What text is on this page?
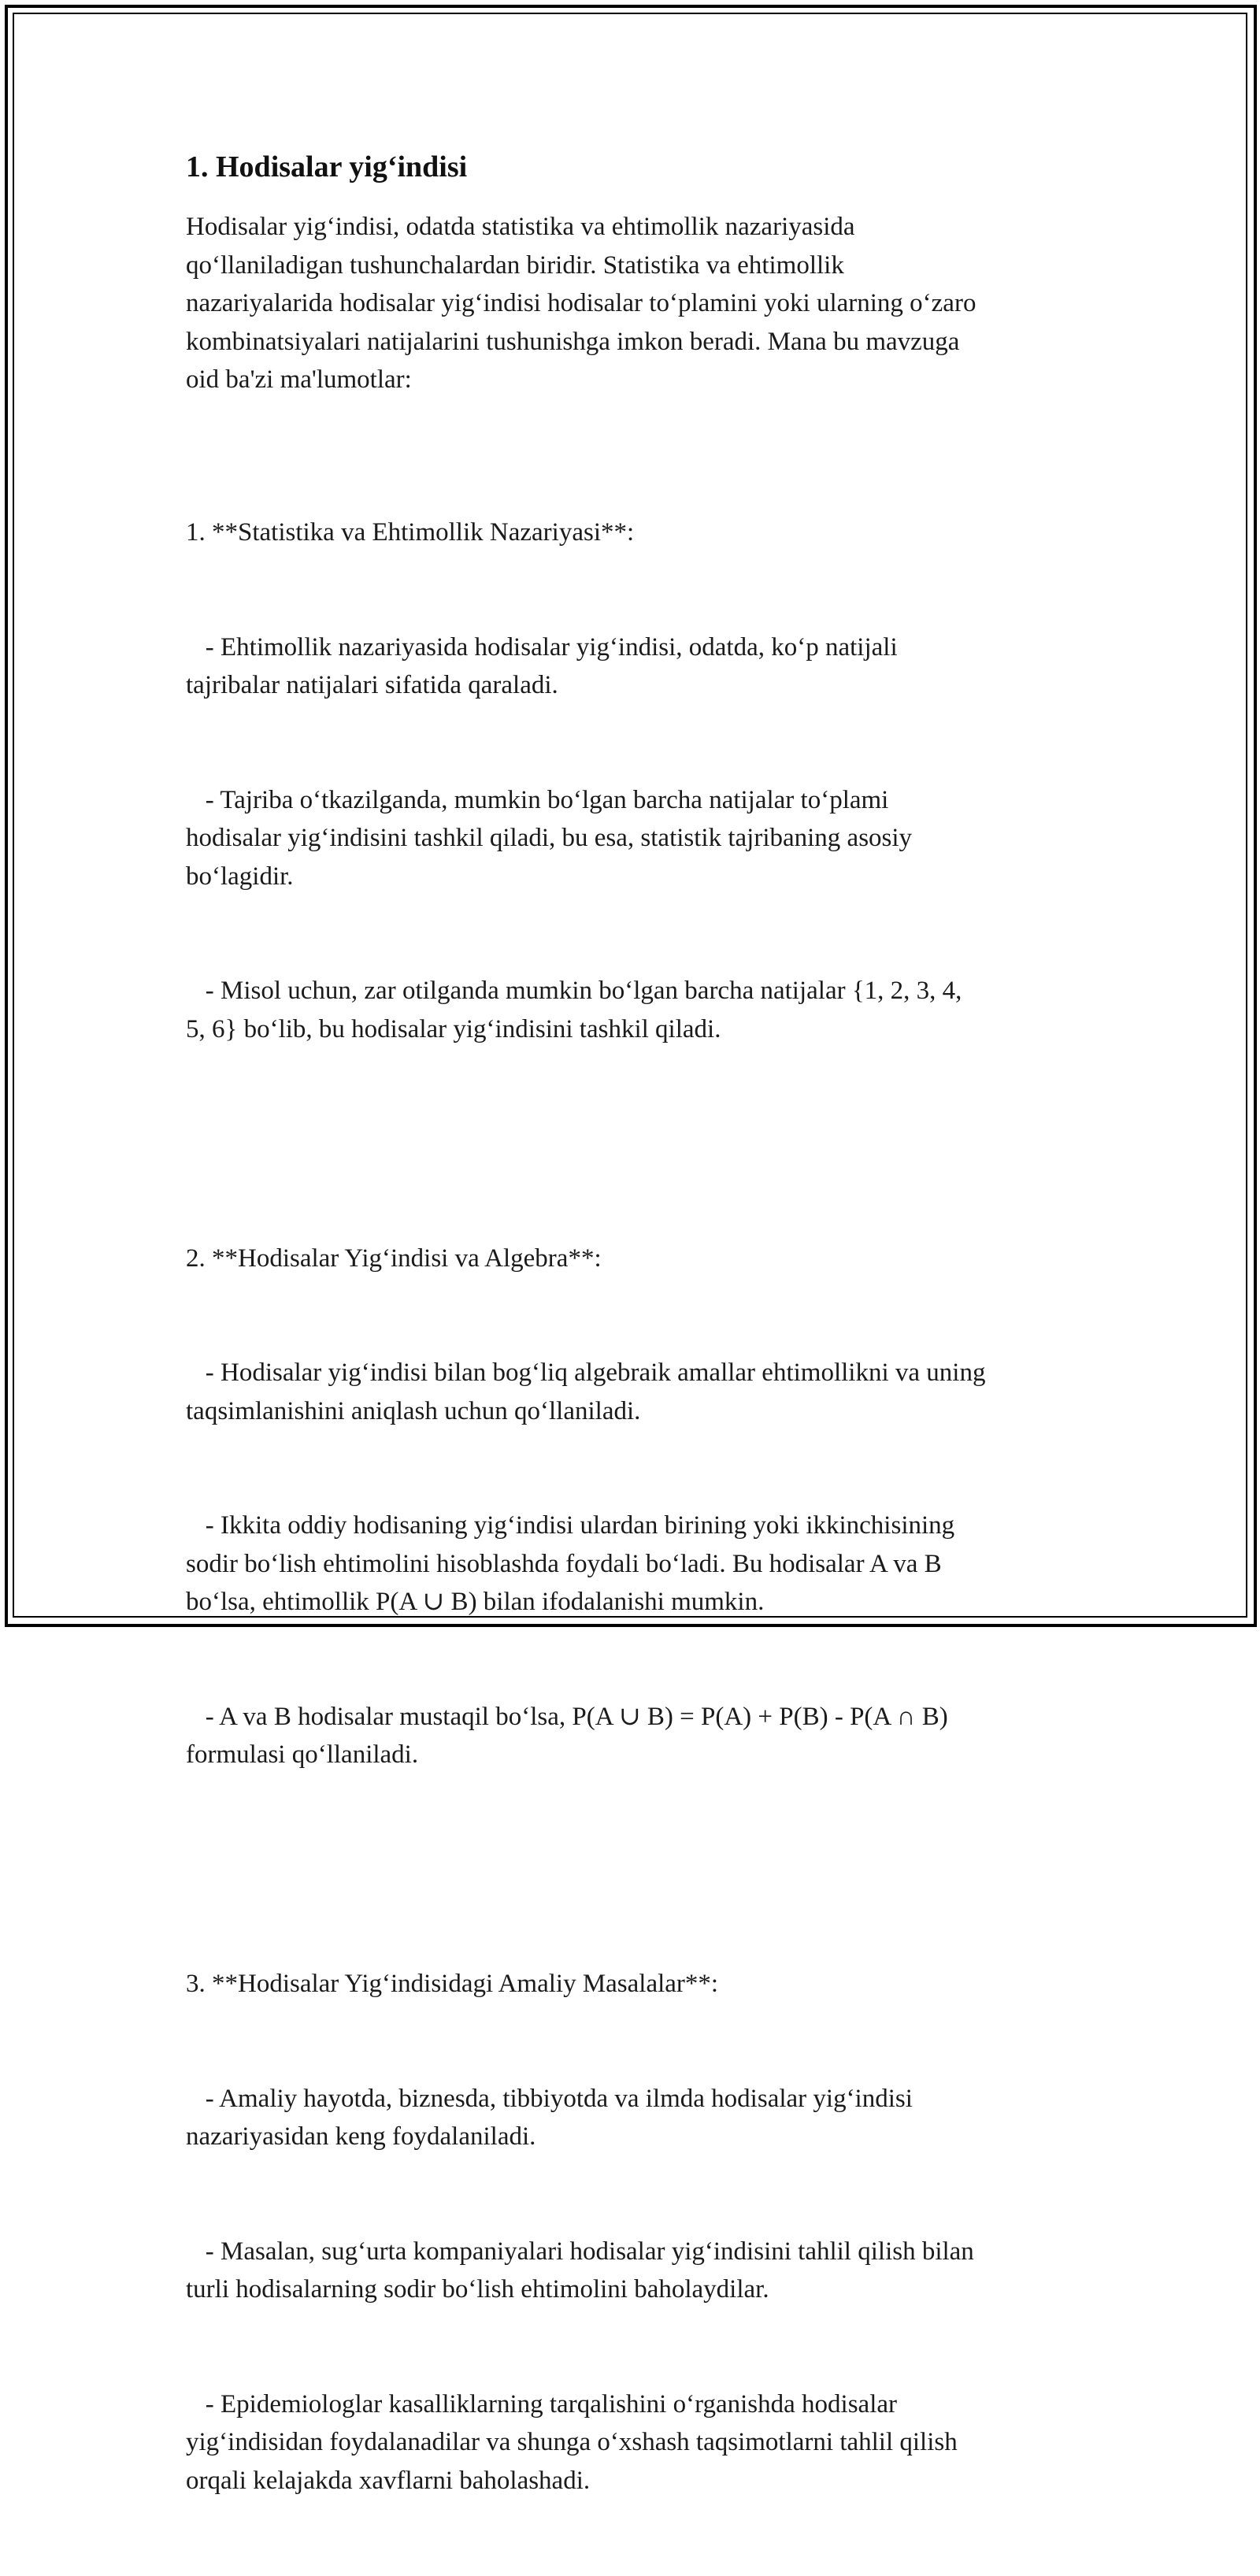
1. Hodisalar yig‘indisi

Hodisalar yig‘indisi, odatda statistika va ehtimollik nazariyasida
qo‘llaniladigan tushunchalardan biridir. Statistika va ehtimollik
nazariyalarida hodisalar yig‘indisi hodisalar to‘plamini yoki ularning o‘zaro
kombinatsiyalari natijalarini tushunishga imkon beradi. Mana bu mavzuga
oid ba'zi ma'lumotlar:

1. **Statistika va Ehtimollik Nazariyasi**:

- Ehtimollik nazariyasida hodisalar yig‘indisi, odatda, ko‘p natijali
tajribalar natijalari sifatida qaraladi.

- Tajriba o‘tkazilganda, mumkin bo‘lgan barcha natijalar to‘plami
hodisalar yig‘indisini tashkil qiladi, bu esa, statistik tajribaning asosiy
bo‘lagidir.

- Misol uchun, zar otilganda mumkin bo‘lgan barcha natijalar {1, 2, 3, 4,
5, 6} bo‘lib, bu hodisalar yig‘indisini tashkil qiladi.

2. **Hodisalar Yig‘indisi va Algebra**:

- Hodisalar yig‘indisi bilan bog‘liq algebraik amallar ehtimollikni va uning
taqsimlanishini aniqlash uchun qo‘llaniladi.

- Ikkita oddiy hodisaning yig‘indisi ulardan birining yoki ikkinchisining
sodir bo‘lish ehtimolini hisoblashda foydali bo‘ladi. Bu hodisalar A va B
bo‘lsa, ehtimollik P(A ∪ B) bilan ifodalanishi mumkin.

- A va B hodisalar mustaqil bo‘lsa, P(A ∪ B) = P(A) + P(B) - P(A ∩ B)
formulasi qo‘llaniladi.

3. **Hodisalar Yig‘indisidagi Amaliy Masalalar**:

- Amaliy hayotda, biznesda, tibbiyotda va ilmda hodisalar yig‘indisi
nazariyasidan keng foydalaniladi.

- Masalan, sug‘urta kompaniyalari hodisalar yig‘indisini tahlil qilish bilan
turli hodisalarning sodir bo‘lish ehtimolini baholaydilar.

- Epidemiologlar kasalliklarning tarqalishini o‘rganishda hodisalar
yig‘indisidan foydalanadilar va shunga o‘xshash taqsimotlarni tahlil qilish
orqali kelajakda xavflarni baholashadi.
